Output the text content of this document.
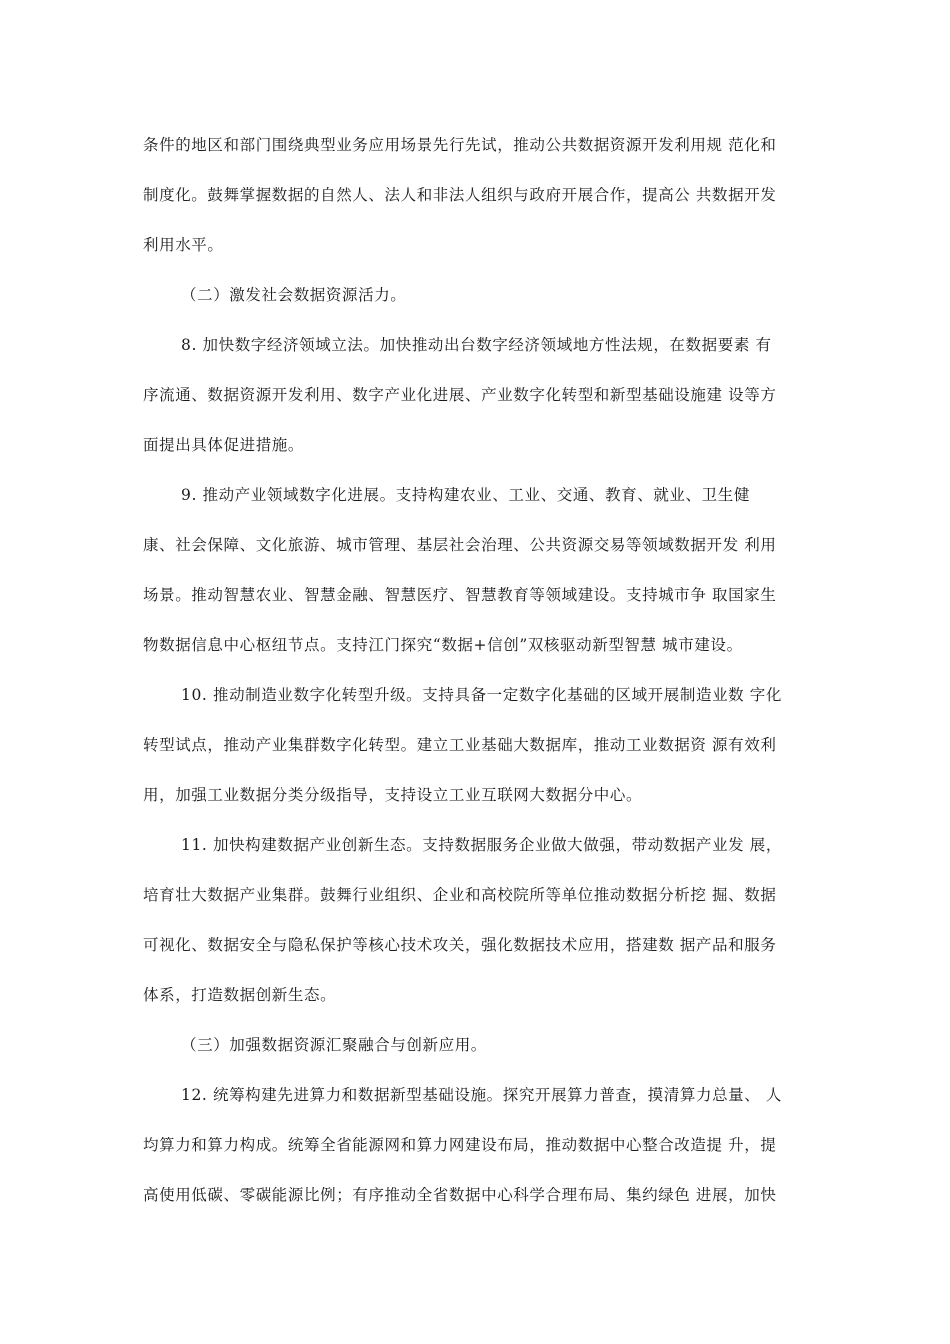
条件的地区和部门围绕典型业务应用场景先行先试，推动公共数据资源开发利用规 范化和
制度化。鼓舞掌握数据的自然人、法人和非法人组织与政府开展合作，提高公 共数据开发
利用水平。
（二）激发社会数据资源活力。
8. 加快数字经济领域立法。加快推动出台数字经济领域地方性法规，在数据要素 有
序流通、数据资源开发利用、数字产业化进展、产业数字化转型和新型基础设施建 设等方
面提出具体促进措施。
9. 推动产业领域数字化进展。支持构建农业、工业、交通、教育、就业、卫生健
康、社会保障、文化旅游、城市管理、基层社会治理、公共资源交易等领域数据开发 利用
场景。推动智慧农业、智慧金融、智慧医疗、智慧教育等领域建设。支持城市争 取国家生
物数据信息中心枢纽节点。支持江门探究“数据+信创”双核驱动新型智慧 城市建设。
10. 推动制造业数字化转型升级。支持具备一定数字化基础的区域开展制造业数 字化
转型试点，推动产业集群数字化转型。建立工业基础大数据库，推动工业数据资 源有效利
用，加强工业数据分类分级指导，支持设立工业互联网大数据分中心。
11. 加快构建数据产业创新生态。支持数据服务企业做大做强，带动数据产业发 展，
培育壮大数据产业集群。鼓舞行业组织、企业和高校院所等单位推动数据分析挖 掘、数据
可视化、数据安全与隐私保护等核心技术攻关，强化数据技术应用，搭建数 据产品和服务
体系，打造数据创新生态。
（三）加强数据资源汇聚融合与创新应用。
12. 统筹构建先进算力和数据新型基础设施。探究开展算力普查，摸清算力总量、 人
均算力和算力构成。统筹全省能源网和算力网建设布局，推动数据中心整合改造提 升，提
高使用低碳、零碳能源比例；有序推动全省数据中心科学合理布局、集约绿色 进展，加快
